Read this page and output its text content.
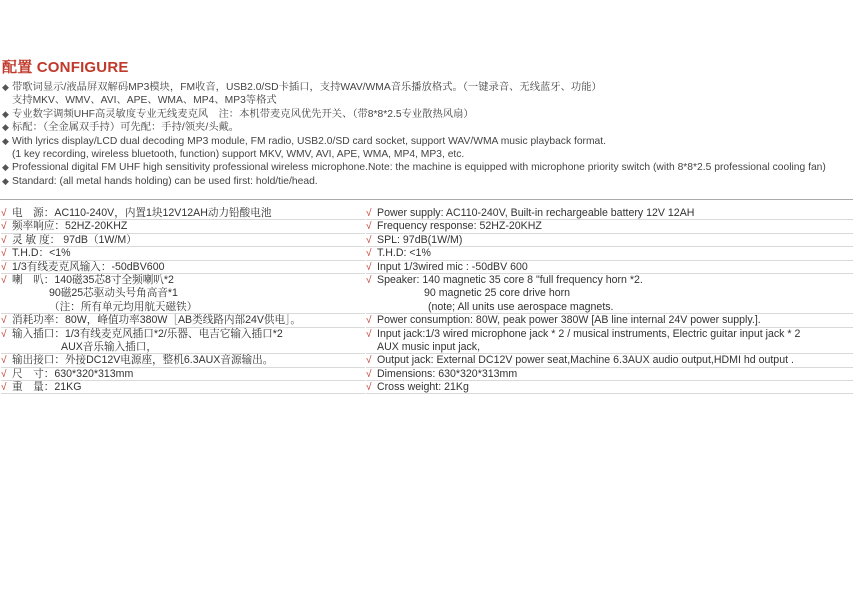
配置 CONFIGURE
◆ 带歌词显示/液晶屏双解码MP3模块，FM收音，USB2.0/SD卡插口，支持WAV/WMA音乐播放格式。（一键录音、无线蓝牙、功能）
支持MKV、WMV、AVI、APE、WMA、MP4、MP3等格式
◆ 专业数字调频UHF高灵敏度专业无线麦克风　注：本机带麦克风优先开关、（带8*8*2.5专业散热风扇）
◆ 标配：（全金属双手持）可先配：手持/领夹/头戴。
◆ With lyrics display/LCD dual decoding MP3 module, FM radio, USB2.0/SD card socket, support WAV/WMA music playback format.
(1 key recording, wireless bluetooth, function) support MKV, WMV, AVI, APE, WMA, MP4, MP3, etc.
◆ Professional digital FM UHF high sensitivity professional wireless microphone.Note: the machine is equipped with microphone priority switch (with 8*8*2.5 professional cooling fan)
◆ Standard: (all metal hands holding) can be used first: hold/tie/head.
√ 电　源：AC110-240V，内置1块12V12AH动力铅酸电池
√ 频率响应：52HZ-20KHZ
√ 灵 敏 度： 97dB（1W/M）
√ T.H.D：<1%
√ 1/3有线麦克风输入：-50dBV600
√ 喇　叭：140磁35芯8寸全频喇叭*2
90磁25芯驱动头号角高音*1
（注：所有单元均用航天磁铁）
√ 消耗功率：80W，峰值功率380W［AB类线路内部24V供电］。
√ 输入插口：1/3有线麦克风插口*2/乐器、电吉它输入插口*2
AUX音乐输入插口，
√ 输出接口：外接DC12V电源座，整机6.3AUX音源输出。
√ 尺　寸：630*320*313mm
√ 重　量：21KG
√ Power supply: AC110-240V, Built-in rechargeable battery 12V 12AH
√ Frequency response: 52HZ-20KHZ
√ SPL: 97dB(1W/M)
√ T.H.D: <1%
√ Input 1/3wired mic : -50dBV 600
√ Speaker: 140 magnetic 35 core 8 "full frequency horn *2.
90 magnetic 25 core drive horn
(note; All units use aerospace magnets.
√ Power consumption: 80W, peak power 380W [AB line internal 24V power supply.].
√ Input jack:1/3 wired microphone jack * 2 / musical instruments, Electric guitar input jack * 2
AUX music input jack,
√ Output jack: External DC12V power seat,Machine 6.3AUX audio output,HDMI hd output .
√ Dimensions: 630*320*313mm
√ Cross weight: 21Kg
